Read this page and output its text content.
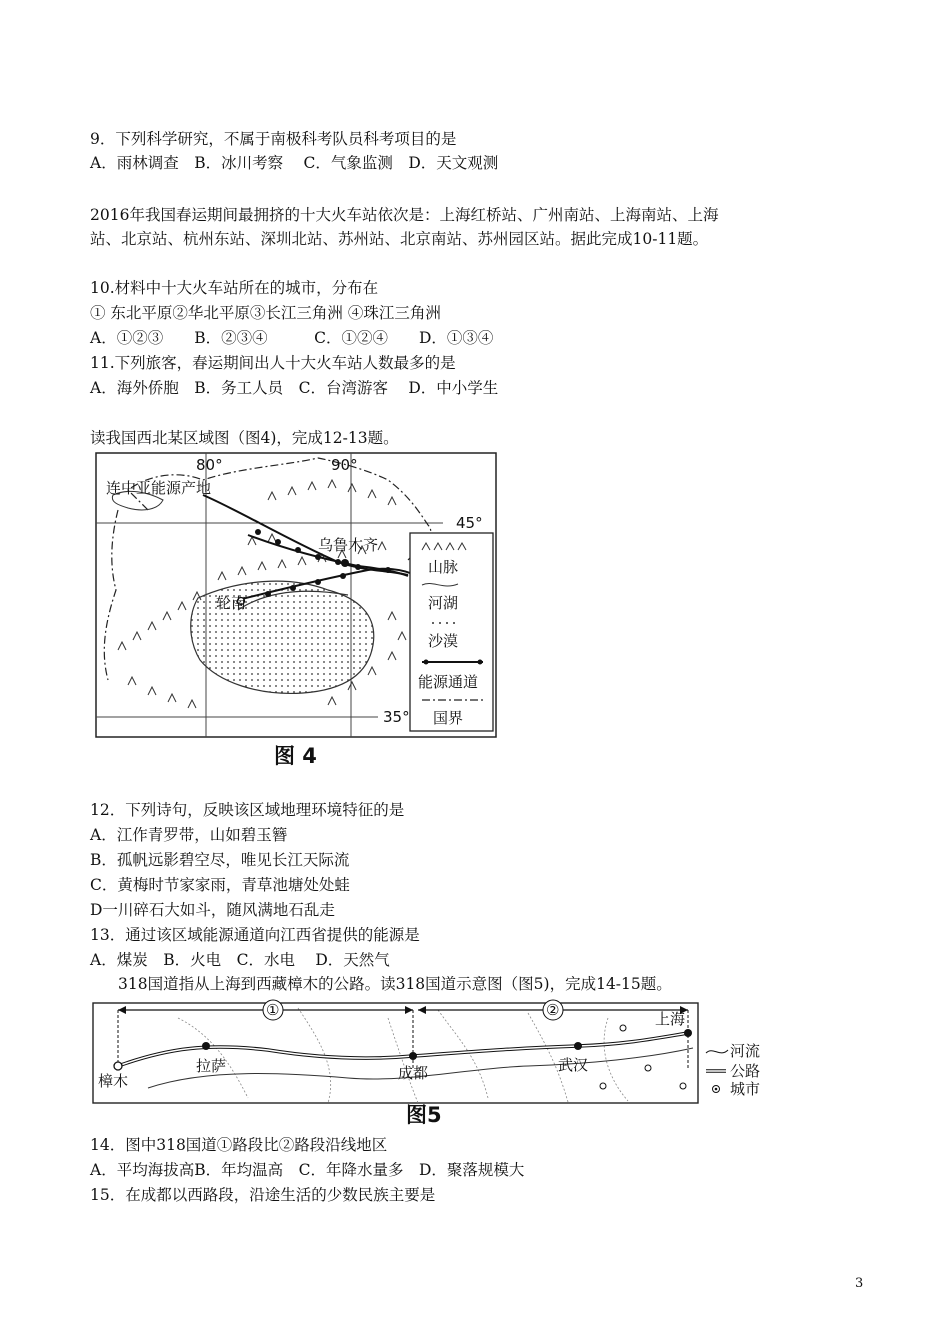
9．下列科学研究，不属于南极科考队员科考项目的是
A．雨林调查　B．冰川考察　 C．气象监测　D．天文观测
2016年我国春运期间最拥挤的十大火车站依次是：上海红桥站、广州南站、上海南站、上海
站、北京站、杭州东站、深圳北站、苏州站、北京南站、苏州园区站。据此完成10-11题。
10.材料中十大火车站所在的城市，分布在
① 东北平原②华北平原③长江三角洲 ④珠江三角洲
A．①②③　　B．②③④　　　C．①②④　　D．①③④
11.下列旅客，春运期间出人十大火车站人数最多的是
A．海外侨胞　B．务工人员　C．台湾游客　 D．中小学生
读我国西北某区域图（图4)，完成12-13题。
80°	90°
45°
35°
连中亚能源产地
乌鲁木齐
轮南
山脉
河湖
沙漠
能源通道
国界
图 4
12．下列诗句，反映该区域地理环境特征的是
A．江作青罗带，山如碧玉簪
B．孤帆远影碧空尽，唯见长江天际流
C．黄梅时节家家雨，青草池塘处处蛙
D一川碎石大如斗，随风满地石乱走
13．通过该区域能源通道向江西省提供的能源是
A．煤炭　B．火电　C．水电　 D．天然气
318国道指从上海到西藏樟木的公路。读318国道示意图（图5)，完成14-15题。
①	②
樟木
拉萨	成都	武汉
上海
河流
公路
城市
图5
14．图中318国道①路段比②路段沿线地区
A．平均海拔高B．年均温高　C．年降水量多　D．聚落规模大
15．在成都以西路段，沿途生活的少数民族主要是
3
